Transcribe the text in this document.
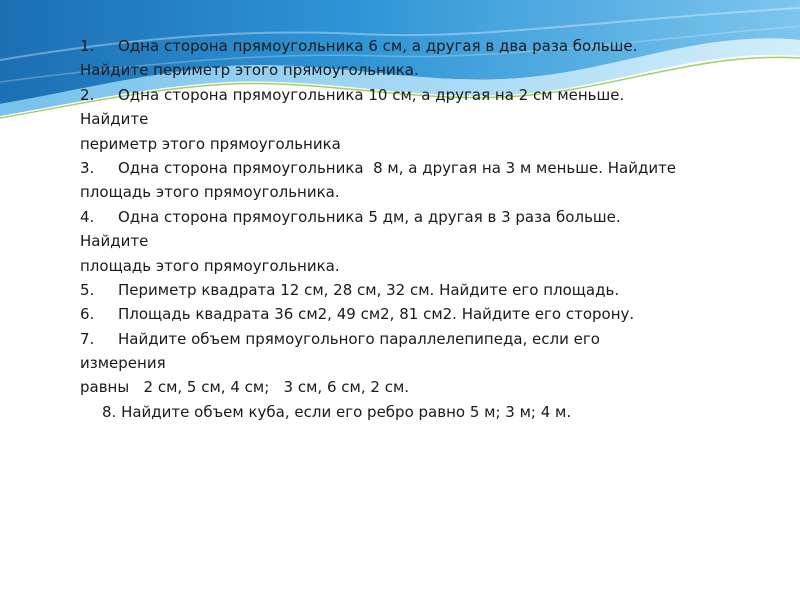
1. Одна сторона прямоугольника 6 см, а другая в два раза больше.
Найдите периметр этого прямоугольника.
2. Одна сторона прямоугольника 10 см, а другая на 2 см меньше.
Найдите
периметр этого прямоугольника
3. Одна сторона прямоугольника  8 м, а другая на 3 м меньше. Найдите
площадь этого прямоугольника.
4. Одна сторона прямоугольника 5 дм, а другая в 3 раза больше.
Найдите
площадь этого прямоугольника.
5. Периметр квадрата 12 см, 28 см, 32 см. Найдите его площадь.
6. Площадь квадрата 36 см2, 49 см2, 81 см2. Найдите его сторону.
7. Найдите объем прямоугольного параллелепипеда, если его
измерения
равны   2 см, 5 см, 4 см;   3 см, 6 см, 2 см.
8. Найдите объем куба, если его ребро равно 5 м; 3 м; 4 м.
